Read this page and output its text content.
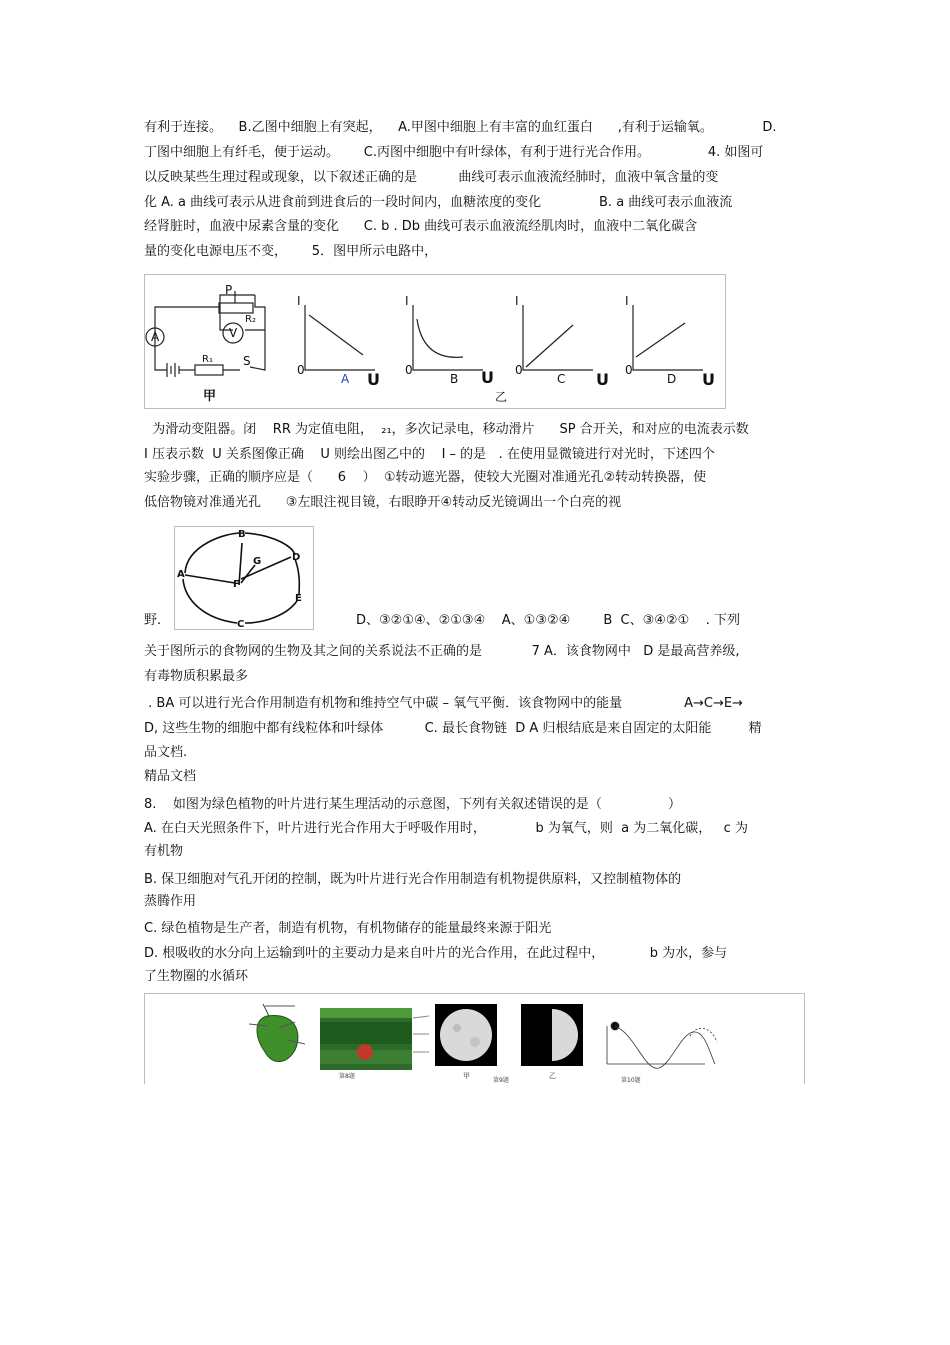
有利于连接。    B.乙图中细胞上有突起，    A.甲图中细胞上有丰富的血红蛋白      ,有利于运输氧。            D.
丁图中细胞上有纤毛，便于运动。      C.丙图中细胞中有叶绿体，有利于进行光合作用。              4. 如图可
以反映某些生理过程或现象，以下叙述正确的是          曲线可表示血液流经肺时，血液中氧含量的变
化 A. a 曲线可表示从进食前到进食后的一段时间内，血糖浓度的变化              B. a 曲线可表示血液流
经肾脏时，血液中尿素含量的变化      C. b . Db 曲线可表示血液流经肌肉时，血液中二氧化碳含
量的变化电源电压不变，      5．图甲所示电路中，
A	V
P
R₂
R₁	S
甲
I
0	U
A
I
0	U
B
乙
I
0	U
C
I
0	U
D
为滑动变阻器。闭    RR 为定值电阻，  ₂₁，多次记录电，移动滑片      SP 合开关，和对应的电流表示数
I 压表示数  U 关系图像正确    U 则绘出图乙中的    I – 的是   . 在使用显微镜进行对光时，下述四个
实验步骤，正确的顺序应是（      6    ）  ①转动遮光器，使较大光圈对准通光孔②转动转换器，使
低倍物镜对准通光孔      ③左眼注视目镜，右眼睁开④转动反光镜调出一个白亮的视
A
B
G	D
F
E
C
野.	D、③②①④、②①③④    A、①③②④        B  C、③④②①    . 下列
关于图所示的食物网的生物及其之间的关系说法不正确的是            7 A．该食物网中   D 是最高营养级,
有毒物质积累最多
. BA 可以进行光合作用制造有机物和维持空气中碳 – 氧气平衡．该食物网中的能量               A→C→E→
D, 这些生物的细胞中都有线粒体和叶绿体          C. 最长食物链  D A 归根结底是来自固定的太阳能         精
品文档.
精品文档
8.    如图为绿色植物的叶片进行某生理活动的示意图，下列有关叙述错误的是（                ）
A. 在白天光照条件下，叶片进行光合作用大于呼吸作用时，            b 为氧气，则  a 为二氧化碳，   c 为
有机物
B. 保卫细胞对气孔开闭的控制，既为叶片进行光合作用制造有机物提供原料，又控制植物体的
蒸腾作用
C. 绿色植物是生产者，制造有机物，有机物储存的能量最终来源于阳光
D. 根吸收的水分向上运输到叶的主要动力是来自叶片的光合作用，在此过程中，           b 为水，参与
了生物圈的水循环
第8题	甲	乙
第9题	第10题
